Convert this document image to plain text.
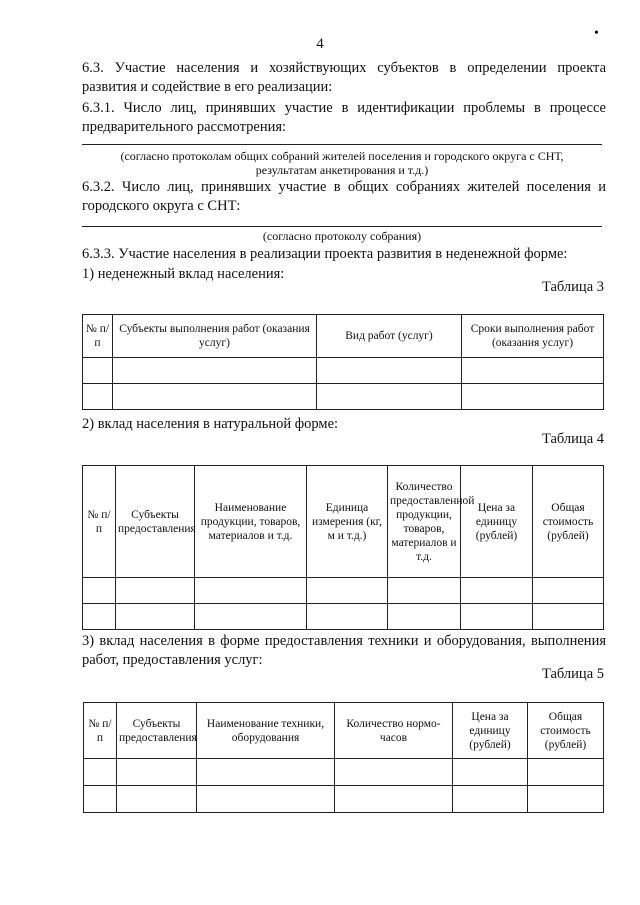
•
4
6.3. Участие населения и хозяйствующих субъектов в определении проекта развития и содействие в его реализации:
6.3.1. Число лиц, принявших участие в идентификации проблемы в процессе предварительного рассмотрения:
(согласно протоколам общих собраний жителей поселения и городского округа с СНТ,
результатам анкетирования и т.д.)
6.3.2. Число лиц, принявших участие в общих собраниях жителей поселения и городского округа с СНТ:
(согласно протоколу собрания)
6.3.3. Участие населения в реализации проекта развития в неденежной форме:
1) неденежный вклад населения:
Таблица 3
№ п/п	Субъекты выполнения работ (оказания услуг)	Вид работ (услуг)	Сроки выполнения работ (оказания услуг)

2) вклад населения в натуральной форме:
Таблица 4
№ п/п	Субъекты предоставления	Наименование продукции, товаров, материалов и т.д.	Единица измерения (кг, м и т.д.)	Количество предоставленной продукции, товаров, материалов и т.д.	Цена за единицу (рублей)	Общая стоимость (рублей)

3) вклад населения в форме предоставления техники и оборудования, выполнения работ, предоставления услуг:
Таблица 5
№ п/п	Субъекты предоставления	Наименование техники, оборудования	Количество нормо-часов	Цена за единицу (рублей)	Общая стоимость (рублей)
